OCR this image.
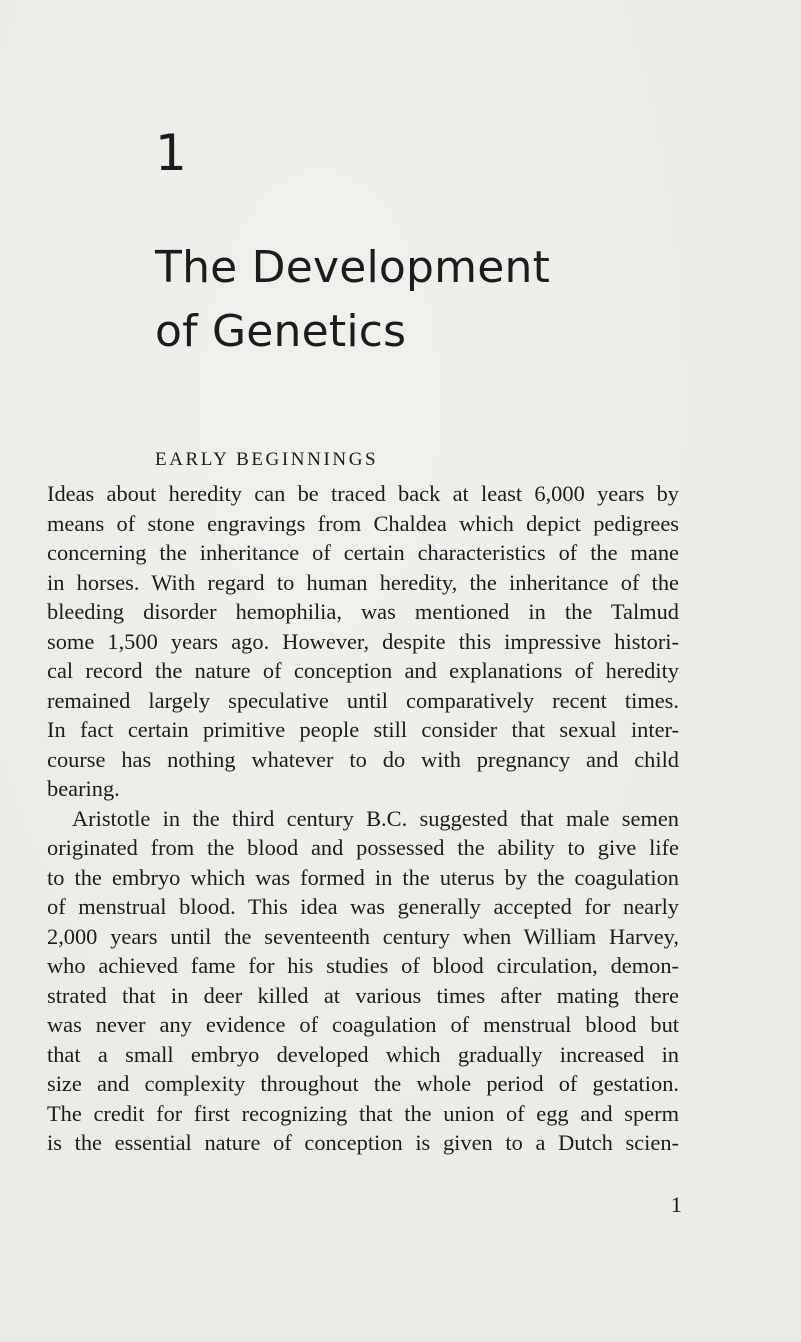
1
The Development
of Genetics
EARLY BEGINNINGS
Ideas about heredity can be traced back at least 6,000 years by
means of stone engravings from Chaldea which depict pedigrees
concerning the inheritance of certain characteristics of the mane
in horses. With regard to human heredity, the inheritance of the
bleeding disorder hemophilia, was mentioned in the Talmud
some 1,500 years ago. However, despite this impressive histori-
cal record the nature of conception and explanations of heredity
remained largely speculative until comparatively recent times.
In fact certain primitive people still consider that sexual inter-
course has nothing whatever to do with pregnancy and child
bearing.
Aristotle in the third century B.C. suggested that male semen
originated from the blood and possessed the ability to give life
to the embryo which was formed in the uterus by the coagulation
of menstrual blood. This idea was generally accepted for nearly
2,000 years until the seventeenth century when William Harvey,
who achieved fame for his studies of blood circulation, demon-
strated that in deer killed at various times after mating there
was never any evidence of coagulation of menstrual blood but
that a small embryo developed which gradually increased in
size and complexity throughout the whole period of gestation.
The credit for first recognizing that the union of egg and sperm
is the essential nature of conception is given to a Dutch scien-
1
